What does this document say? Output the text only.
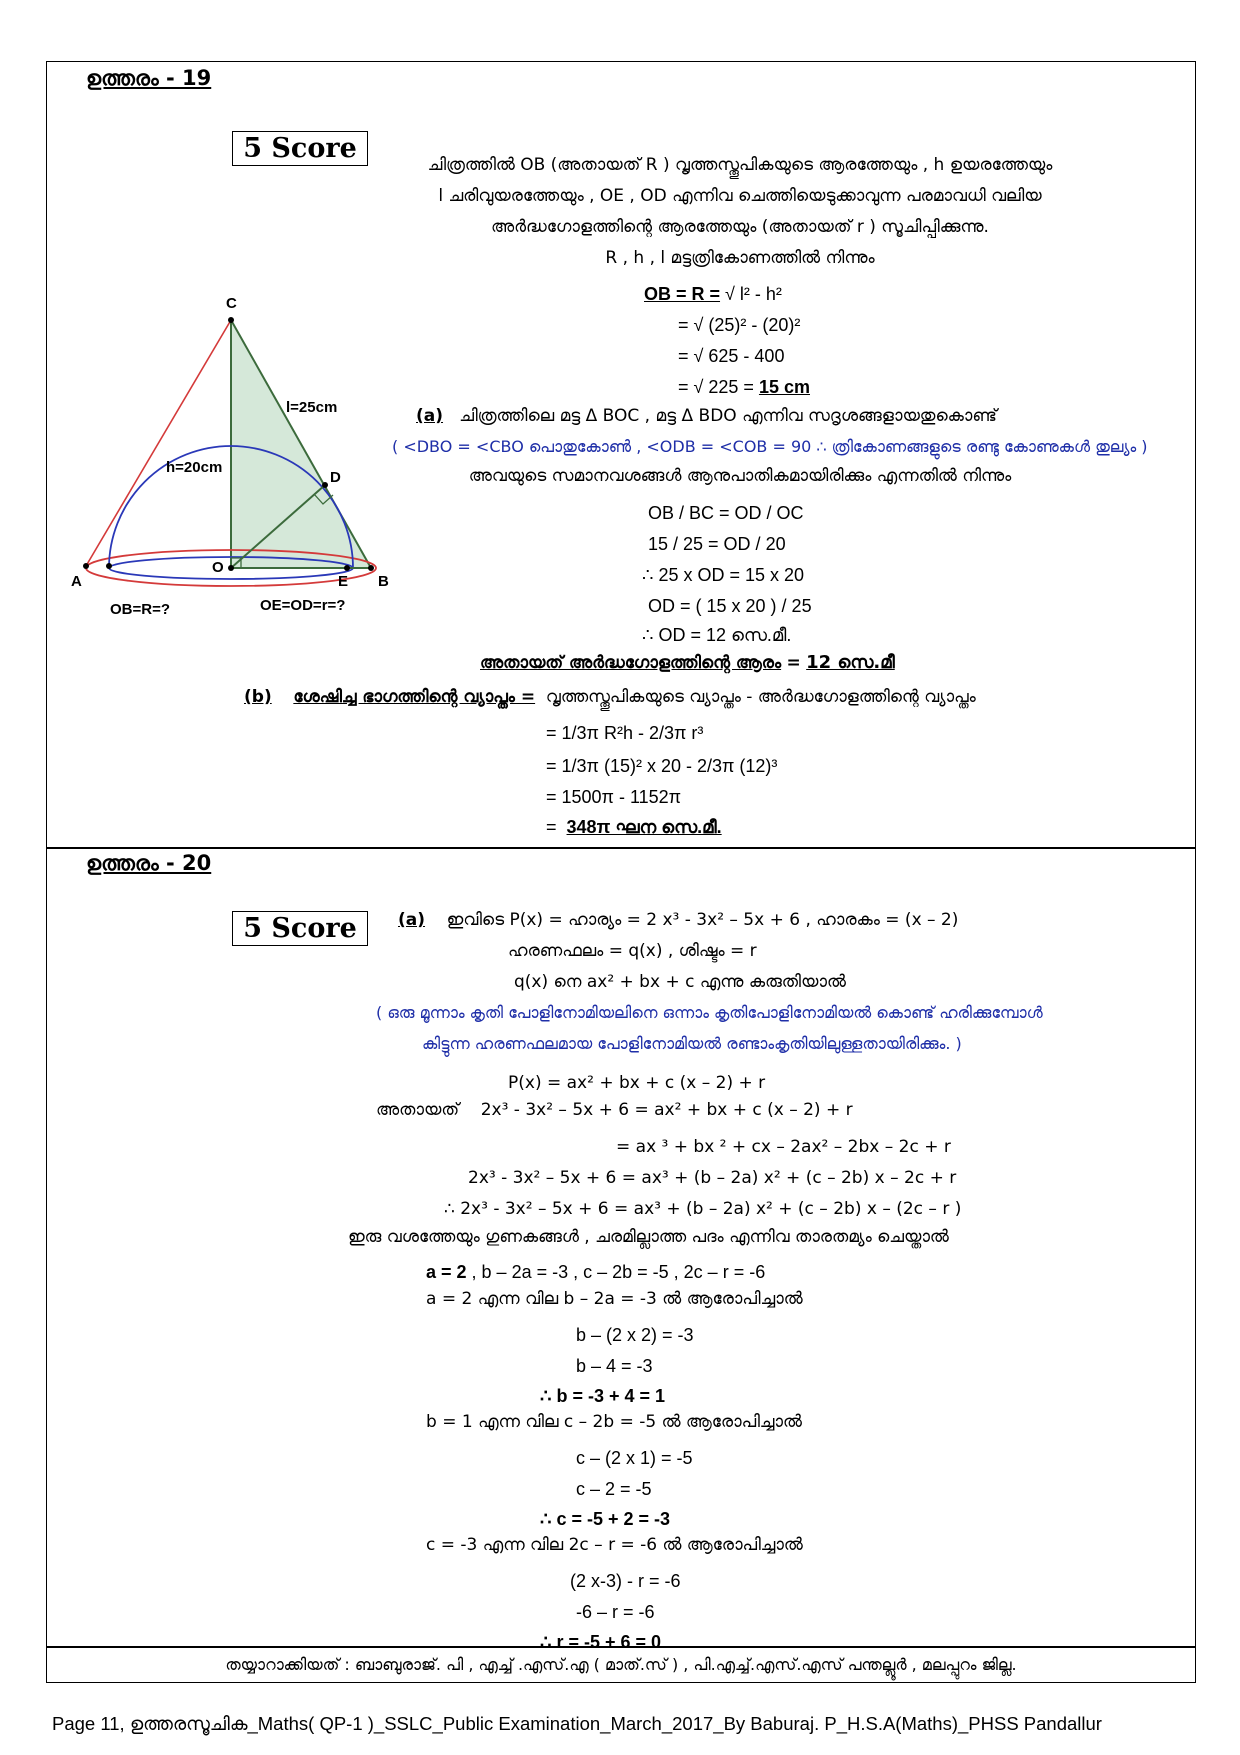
ഉത്തരം - 19
5 Score
ചിത്രത്തിൽ OB (അതായത് R ) വൃത്തസ്തൂപികയുടെ ആരത്തേയും , h ഉയരത്തേയും
l ചരിവുയരത്തേയും , OE , OD എന്നിവ ചെത്തിയെടുക്കാവുന്ന പരമാവധി വലിയ
അർദ്ധഗോളത്തിന്റെ ആരത്തേയും (അതായത് r ) സൂചിപ്പിക്കുന്നു.
R , h , l മട്ടത്രികോണത്തിൽ നിന്നും
OB = R = √ l² - h²
= √ (25)² - (20)²
= √ 625 - 400
= √ 225 = 15 cm
C
A	B
O
D
E
l=25cm
h=20cm
OB=R=?	OE=OD=r=?
(a) ചിത്രത്തിലെ മട്ട Δ BOC , മട്ട Δ BDO എന്നിവ സദൃശങ്ങളായതുകൊണ്ട്
( <DBO = <CBO പൊതുകോൺ , <ODB = <COB = 90 ∴ ത്രികോണങ്ങളുടെ രണ്ടു കോണുകൾ തുല്യം )
അവയുടെ സമാനവശങ്ങൾ ആനുപാതികമായിരിക്കും എന്നതിൽ നിന്നും
OB / BC = OD / OC
15 / 25 = OD / 20
∴ 25 x OD = 15 x 20
OD = ( 15 x 20 ) / 25
∴ OD = 12 സെ.മീ.
അതായത് അർദ്ധഗോളത്തിന്റെ ആരം = 12 സെ.മീ
(b) ശേഷിച്ച ഭാഗത്തിന്റെ വ്യാപ്തം = വൃത്തസ്തൂപികയുടെ വ്യാപ്തം - അർദ്ധഗോളത്തിന്റെ വ്യാപ്തം
= 1/3π R²h - 2/3π r³
= 1/3π (15)² x 20 - 2/3π (12)³
= 1500π - 1152π
= 348π ഘന സെ.മീ.
ഉത്തരം - 20
5 Score	(a) ഇവിടെ P(x) = ഹാര്യം = 2 x³ - 3x² – 5x + 6 , ഹാരകം = (x – 2)
ഹരണഫലം = q(x) , ശിഷ്ടം = r
q(x) നെ ax² + bx + c എന്നു കരുതിയാൽ
( ഒരു മൂന്നാം കൃതി പോളിനോമിയലിനെ ഒന്നാം കൃതിപോളിനോമിയൽ കൊണ്ട് ഹരിക്കുമ്പോൾ
കിട്ടുന്ന ഹരണഫലമായ പോളിനോമിയൽ രണ്ടാംകൃതിയിലുള്ളതായിരിക്കും. )
P(x) = ax² + bx + c (x – 2) + r
അതായത് 2x³ - 3x² – 5x + 6 = ax² + bx + c (x – 2) + r
= ax ³ + bx ² + cx – 2ax² – 2bx – 2c + r
2x³ - 3x² – 5x + 6 = ax³ + (b – 2a) x² + (c – 2b) x – 2c + r
∴ 2x³ - 3x² – 5x + 6 = ax³ + (b – 2a) x² + (c – 2b) x – (2c – r )
ഇരു വശത്തേയും ഗുണകങ്ങൾ , ചരമില്ലാത്ത പദം എന്നിവ താരതമ്യം ചെയ്താൽ
a = 2 , b – 2a = -3 , c – 2b = -5 , 2c – r = -6
a = 2 എന്ന വില b – 2a = -3 ൽ ആരോപിച്ചാൽ
b – (2 x 2) = -3
b – 4 = -3
∴ b = -3 + 4 = 1
b = 1 എന്ന വില c – 2b = -5 ൽ ആരോപിച്ചാൽ
c – (2 x 1) = -5
c – 2 = -5
∴ c = -5 + 2 = -3
c = -3 എന്ന വില 2c – r = -6 ൽ ആരോപിച്ചാൽ
(2 x-3) - r = -6
-6 – r = -6
∴ r = -5 + 6 = 0
തയ്യാറാക്കിയത് : ബാബുരാജ്. പി , എച്ച് .എസ്.എ ( മാത്.സ് ) , പി.എച്ച്.എസ്.എസ് പന്തല്ലൂർ , മലപ്പുറം ജില്ല.
Page 11, ഉത്തരസൂചിക_Maths( QP-1 )_SSLC_Public Examination_March_2017_By Baburaj. P_H.S.A(Maths)_PHSS Pandallur
